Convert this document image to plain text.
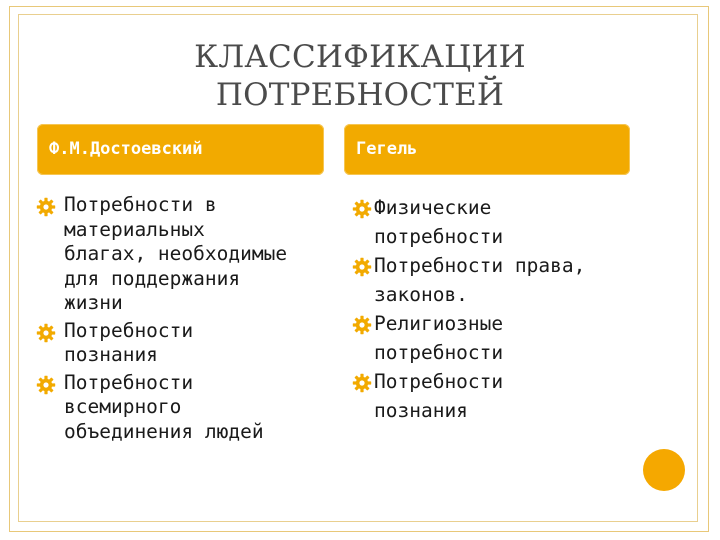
КЛАССИФИКАЦИИ
ПОТРЕБНОСТЕЙ
Ф.М.Достоевский	Гегель
Потребности в
материальных
благах, необходимые
для поддержания
жизни
Потребности
познания
Потребности
всемирного
объединения людей
Физические
потребности
Потребности права,
законов.
Религиозные
потребности
Потребности
познания
